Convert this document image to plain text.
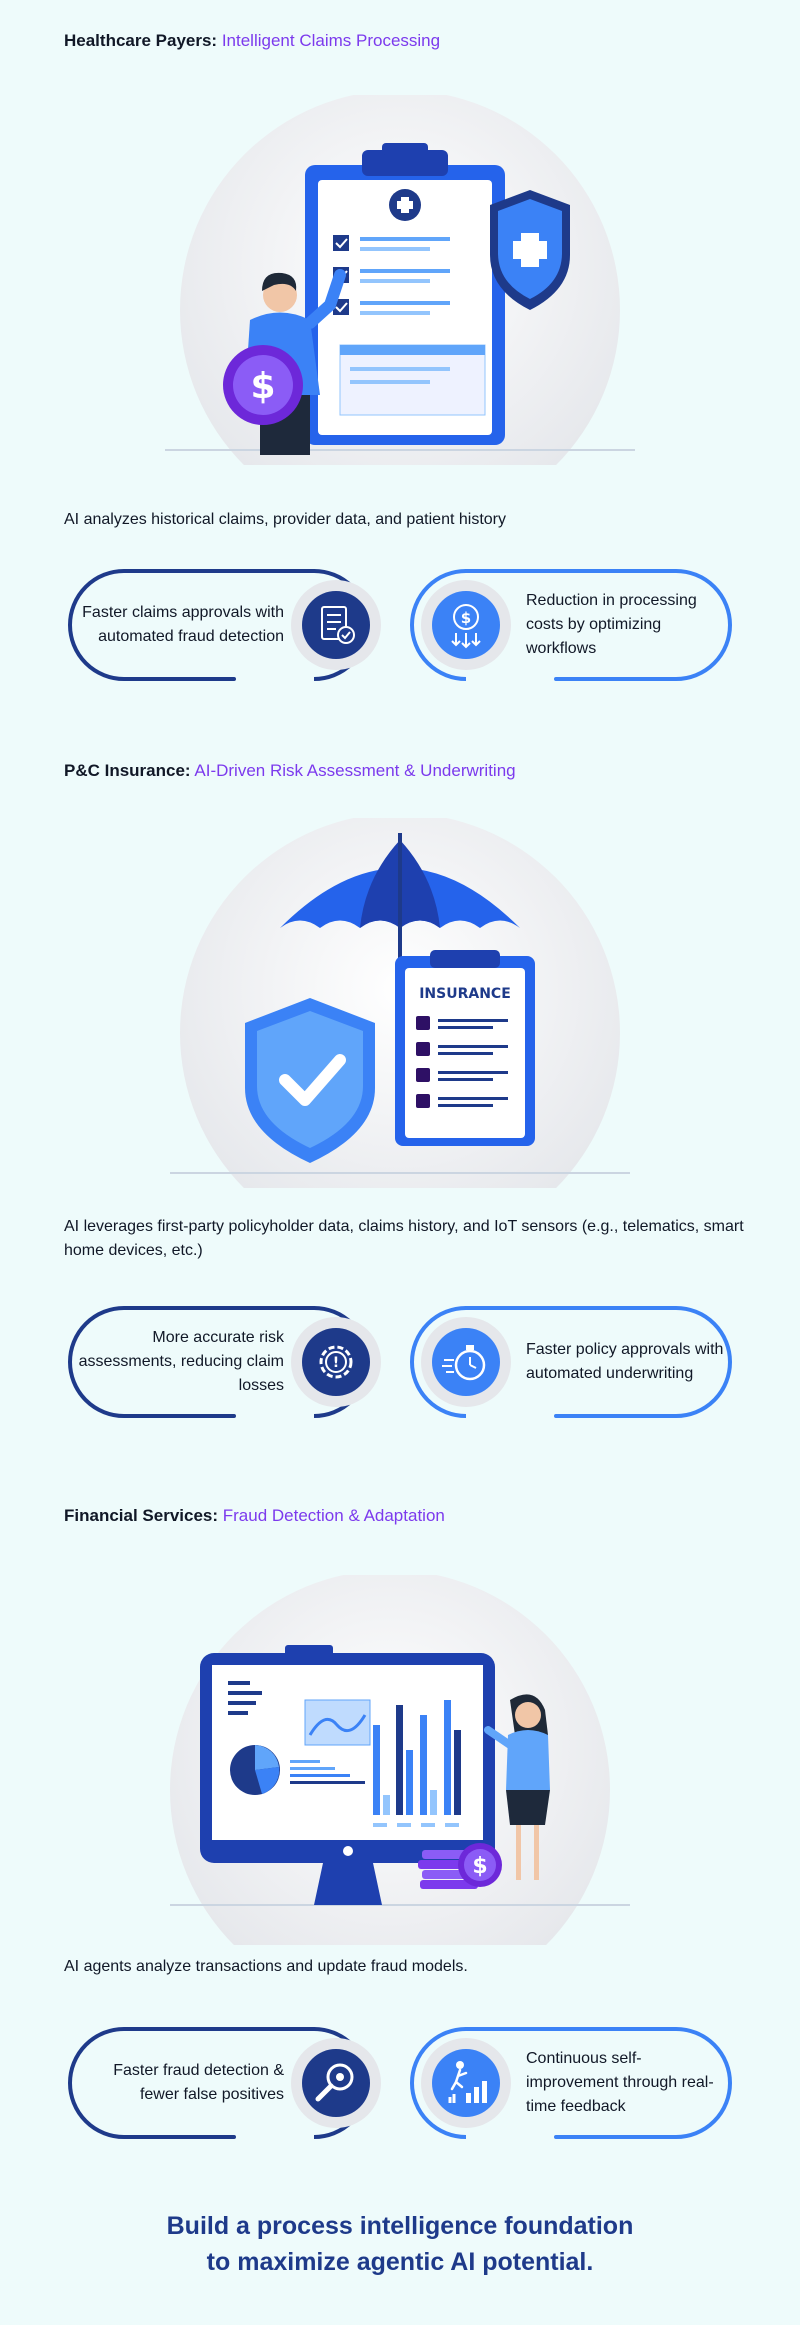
Healthcare Payers: Intelligent Claims Processing
$
AI analyzes historical claims, provider data, and patient history
Faster claims approvals with automated fraud detection
Reduction in processing costs by optimizing workflows
$
P&C Insurance: AI-Driven Risk Assessment & Underwriting
INSURANCE
AI leverages first-party policyholder data, claims history, and IoT sensors (e.g., telematics, smart home devices, etc.)
More accurate risk assessments, reducing claim losses
!
Faster policy approvals with automated underwriting
Financial Services: Fraud Detection & Adaptation
$
AI agents analyze transactions and update fraud models.
Faster fraud detection & fewer false positives
Continuous self-improvement through real-time feedback
Build a process intelligence foundation
to maximize agentic AI potential.
